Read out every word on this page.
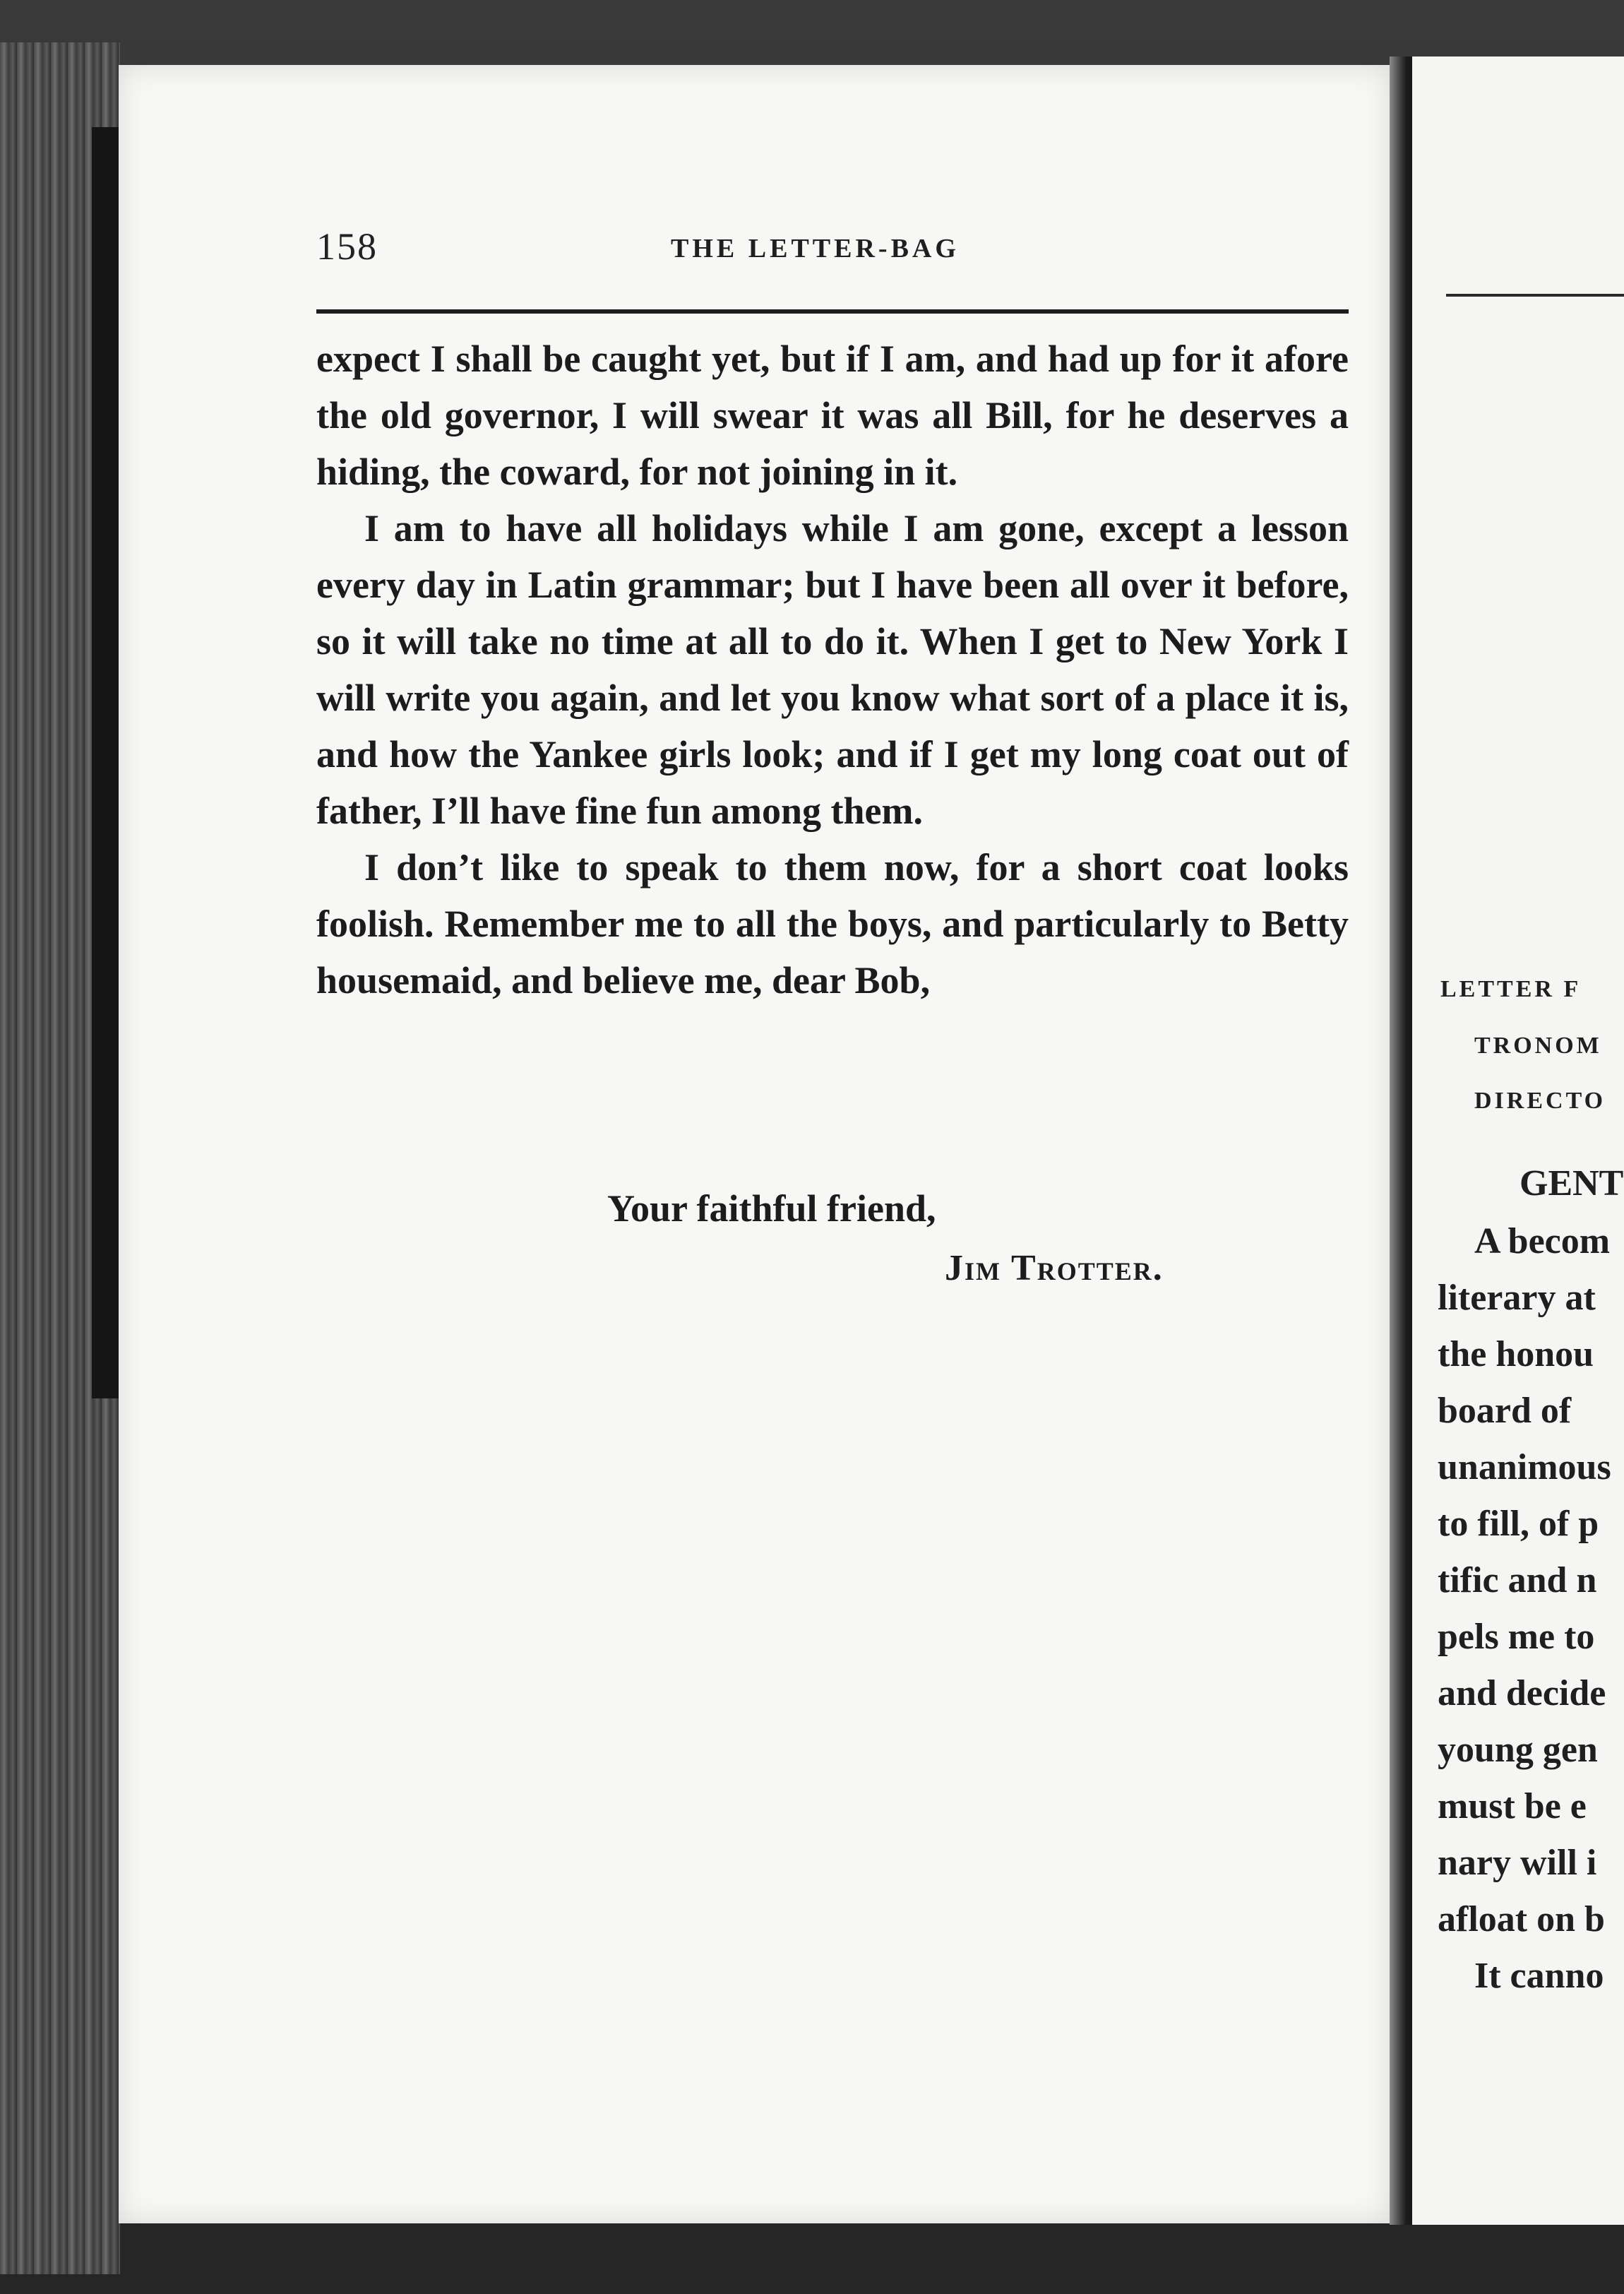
158	THE LETTER-BAG

expect I shall be caught yet, but if I am, and had up for it afore the old governor, I will swear it was all Bill, for he deserves a hiding, the coward, for not joining in it.

I am to have all holidays while I am gone, except a lesson every day in Latin grammar; but I have been all over it before, so it will take no time at all to do it. When I get to New York I will write you again, and let you know what sort of a place it is, and how the Yankee girls look; and if I get my long coat out of father, I’ll have fine fun among them.

I don’t like to speak to them now, for a short coat looks foolish. Remember me to all the boys, and particularly to Betty housemaid, and believe me, dear Bob,

Your faithful friend,
Jim Trotter.
LETTER F
TRONOM
DIRECTO
GENT
A becom
literary at
the honou
board of
unanimous
to fill, of p
tific and n
pels me to
and decide
young gen
must be e
nary will i
afloat on b
It canno
